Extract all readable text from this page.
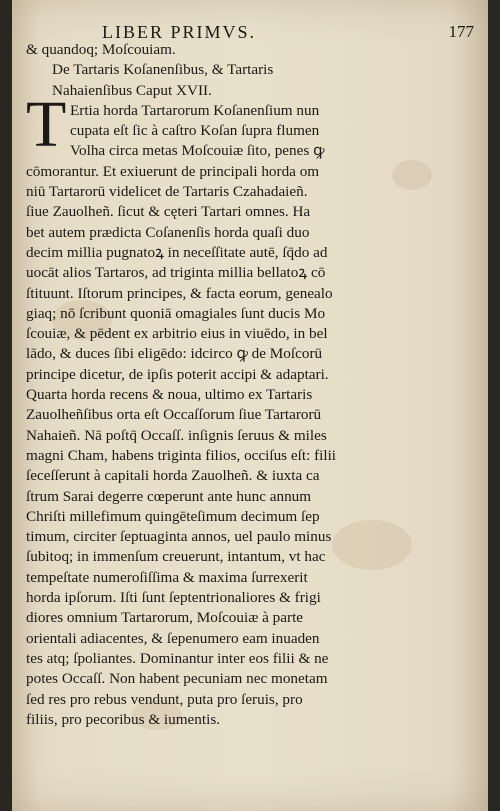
LIBER PRIMVS.	177
T
& quandoq; Moſcouiam.
De Tartaris Koſanenſibus, & Tartaris
Nahaienſibus Caput XVII.
Ertia horda Tartarorum Koſanenſium nun
cupata eſt ſic à caſtro Koſan ſupra flumen
Volha circa metas Moſcouiæ ſito, penes ꝙ
cōmorantur. Et exiuerunt de principali horda om
niū Tartarorū videlicet de Tartaris Czahadaieñ.
ſiue Zauolheñ. ſicut & cęteri Tartari omnes. Ha
bet autem prædicta Coſanenſis horda quaſi duo
decim millia pugnatoꝝ in neceſſitate autē, ſq̄do ad
uocāt alios Tartaros, ad triginta millia bellatoꝝ cō
ſtituunt. Iſtorum principes, & facta eorum, genealo
giaq; nō ſcribunt quoniā omagiales ſunt ducis Mo
ſcouiæ, & pēdent ex arbitrio eius in viuēdo, in bel
lādo, & duces ſibi eligēdo: idcirco ꝙ de Moſcorū
principe dicetur, de ipſis poterit accipi & adaptari.
Quarta horda recens & noua, ultimo ex Tartaris
Zauolheñſibus orta eſt Occaſſorum ſiue Tartarorū
Nahaieñ. Nā poſtq̄ Occaſſ. inſignis ſeruus & miles
magni Cham, habens triginta filios, occiſus eſt: filii
ſeceſſerunt à capitali horda Zauolheñ. & iuxta ca
ſtrum Sarai degerre cœperunt ante hunc annum
Chriſti millefimum quingēteſimum decimum ſep
timum, circiter ſeptuaginta annos, uel paulo minus
ſubitoq; in immenſum creuerunt, intantum, vt hac
tempeſtate numeroſiſſima & maxima ſurrexerit
horda ipſorum. Iſti ſunt ſeptentrionaliores & frigi
diores omnium Tartarorum, Moſcouiæ à parte
orientali adiacentes, & ſepenumero eam inuaden
tes atq; ſpoliantes. Dominantur inter eos filii & ne
potes Occaſſ. Non habent pecuniam nec monetam
ſed res pro rebus vendunt, puta pro ſeruis, pro
filiis, pro pecoribus & iumentis.
